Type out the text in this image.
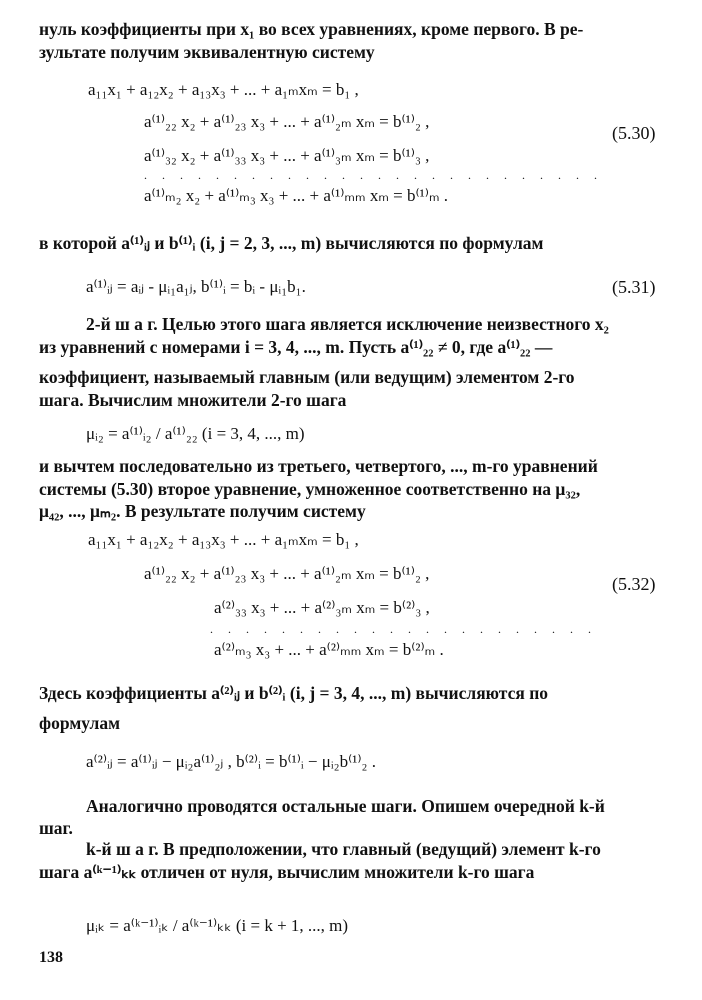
нуль коэффициенты при x₁ во всех уравнениях, кроме первого. В ре-
зультате получим эквивалентную систему
a₁₁x₁ + a₁₂x₂ + a₁₃x₃ + ... + a₁ₘxₘ = b₁ ,
a⁽¹⁾₂₂ x₂ + a⁽¹⁾₂₃ x₃ + ... + a⁽¹⁾₂ₘ xₘ = b⁽¹⁾₂ ,
a⁽¹⁾₃₂ x₂ + a⁽¹⁾₃₃ x₃ + ... + a⁽¹⁾₃ₘ xₘ = b⁽¹⁾₃ ,
. . . . . . . . . . . . . . . . . . . . . . . . . .
a⁽¹⁾ₘ₂ x₂ + a⁽¹⁾ₘ₃ x₃ + ... + a⁽¹⁾ₘₘ xₘ = b⁽¹⁾ₘ .
(5.30)
в которой a⁽¹⁾ᵢⱼ и b⁽¹⁾ᵢ (i, j = 2, 3, ..., m) вычисляются по формулам
a⁽¹⁾ᵢⱼ = aᵢⱼ - μᵢ₁a₁ⱼ, b⁽¹⁾ᵢ = bᵢ - μᵢ₁b₁.	(5.31)
2-й ш а г. Целью этого шага является исключение неизвестного x₂
из уравнений с номерами i = 3, 4, ..., m. Пусть a⁽¹⁾₂₂ ≠ 0, где a⁽¹⁾₂₂ —
коэффициент, называемый главным (или ведущим) элементом 2-го
шага. Вычислим множители 2-го шага
μᵢ₂ = a⁽¹⁾ᵢ₂ / a⁽¹⁾₂₂ (i = 3, 4, ..., m)
и вычтем последовательно из третьего, четвертого, ..., m-го уравнений
системы (5.30) второе уравнение, умноженное соответственно на μ₃₂,
μ₄₂, ..., μₘ₂. В результате получим систему
a₁₁x₁ + a₁₂x₂ + a₁₃x₃ + ... + a₁ₘxₘ = b₁ ,
a⁽¹⁾₂₂ x₂ + a⁽¹⁾₂₃ x₃ + ... + a⁽¹⁾₂ₘ xₘ = b⁽¹⁾₂ ,
a⁽²⁾₃₃ x₃ + ... + a⁽²⁾₃ₘ xₘ = b⁽²⁾₃ ,
. . . . . . . . . . . . . . . . . . . . . .
a⁽²⁾ₘ₃ x₃ + ... + a⁽²⁾ₘₘ xₘ = b⁽²⁾ₘ .
(5.32)
Здесь коэффициенты a⁽²⁾ᵢⱼ и b⁽²⁾ᵢ (i, j = 3, 4, ..., m) вычисляются по
формулам
a⁽²⁾ᵢⱼ = a⁽¹⁾ᵢⱼ − μᵢ₂a⁽¹⁾₂ⱼ , b⁽²⁾ᵢ = b⁽¹⁾ᵢ − μᵢ₂b⁽¹⁾₂ .
Аналогично проводятся остальные шаги. Опишем очередной k-й
шаг.
k-й ш а г. В предположении, что главный (ведущий) элемент k-го
шага a⁽ᵏ⁻¹⁾ₖₖ отличен от нуля, вычислим множители k-го шага
μᵢₖ = a⁽ᵏ⁻¹⁾ᵢₖ / a⁽ᵏ⁻¹⁾ₖₖ (i = k + 1, ..., m)
138
